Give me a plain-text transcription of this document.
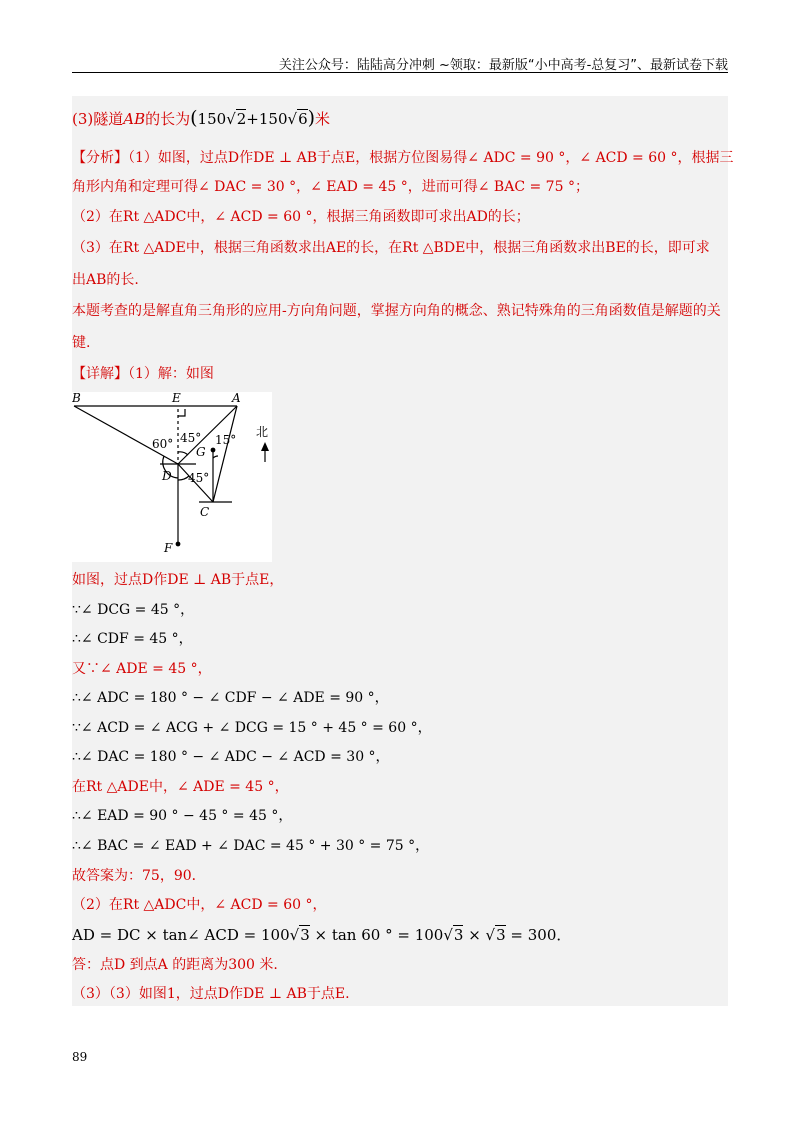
关注公众号：陆陆高分冲刺 ~领取：最新版“小中高考-总复习”、最新试卷下载
(3)隧道AB的长为(150√2+150√6)米
【分析】（1）如图，过点D作DE ⊥ AB于点E，根据方位图易得∠ ADC = 90 °，∠ ACD = 60 °，根据三
角形内角和定理可得∠ DAC = 30 °，∠ EAD = 45 °，进而可得∠ BAC = 75 °；
（2）在Rt △ADC中，∠ ACD = 60 °，根据三角函数即可求出AD的长；
（3）在Rt △ADE中，根据三角函数求出AE的长，在Rt △BDE中，根据三角函数求出BE的长，即可求
出AB的长.
本题考查的是解直角三角形的应用-方向角问题，掌握方向角的概念、熟记特殊角的三角函数值是解题的关
键.
【详解】（1）解：如图
B	E	A
D
G
C
F
北
60° 45° 15°
45°
如图，过点D作DE ⊥ AB于点E，
∵∠ DCG = 45 °，
∴∠ CDF = 45 °，
又∵∠ ADE = 45 °，
∴∠ ADC = 180 ° − ∠ CDF − ∠ ADE = 90 °，
∵∠ ACD = ∠ ACG + ∠ DCG = 15 ° + 45 ° = 60 °，
∴∠ DAC = 180 ° − ∠ ADC − ∠ ACD = 30 °，
在Rt △ADE中，∠ ADE = 45 °，
∴∠ EAD = 90 ° − 45 ° = 45 °，
∴∠ BAC = ∠ EAD + ∠ DAC = 45 ° + 30 ° = 75 °，
故答案为：75，90．
（2）在Rt △ADC中，∠ ACD = 60 °，
AD = DC × tan∠ ACD = 100√3 × tan 60 ° = 100√3 × √3 = 300．
答：点D 到点A 的距离为300 米.
（3）（3）如图1，过点D作DE ⊥ AB于点E.
89
